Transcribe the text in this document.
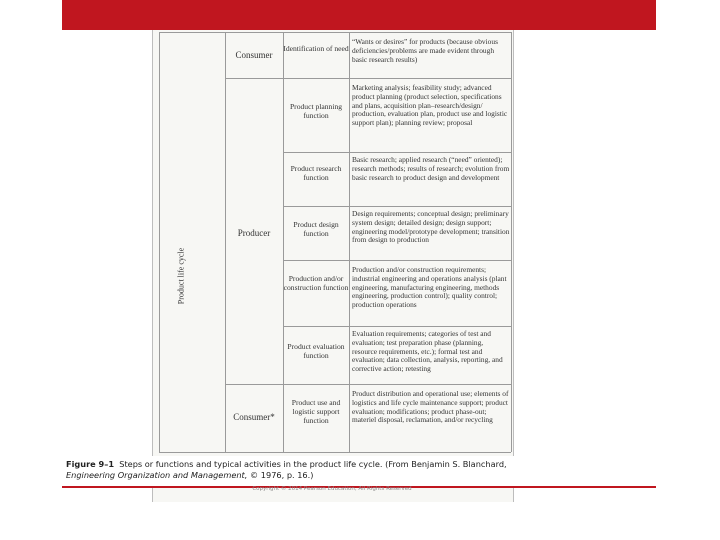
Product life cycle
Consumer
Identification of need
“Wants or desires” for products (because obvious deficiencies/problems are made evident through basic research results)
Product planning function
Marketing analysis; feasibility study; advanced product planning (product selection, specifications and plans, acquisition plan–research/design/ production, evaluation plan, product use and logistic support plan); planning review; proposal
Product research function
Basic research; applied research (“need” oriented); research methods; results of research; evolution from basic research to product design and development
Producer
Product design function
Design requirements; conceptual design; preliminary system design; detailed design; design support; engineering model/prototype development; transition from design to production
Production and/or construction function
Production and/or construction requirements; industrial engineering and operations analysis (plant engineering, manufacturing engineering, methods engineering, production control); quality control; production operations
Product evaluation function
Evaluation requirements; categories of test and evaluation; test preparation phase (planning, resource requirements, etc.); formal test and evaluation; data collection, analysis, reporting, and corrective action; retesting
Consumer*
Product use and logistic support function
Product distribution and operational use; elements of logistics and life cycle maintenance support; product evaluation; modifications; product phase-out; materiel disposal, reclamation, and/or recycling
Figure 9–1 Steps or functions and typical activities in the product life cycle. (From Benjamin S. Blanchard,
Engineering Organization and Management, © 1976, p. 16.)
Copyright © 2014 Pearson Education, All Rights Reserved
